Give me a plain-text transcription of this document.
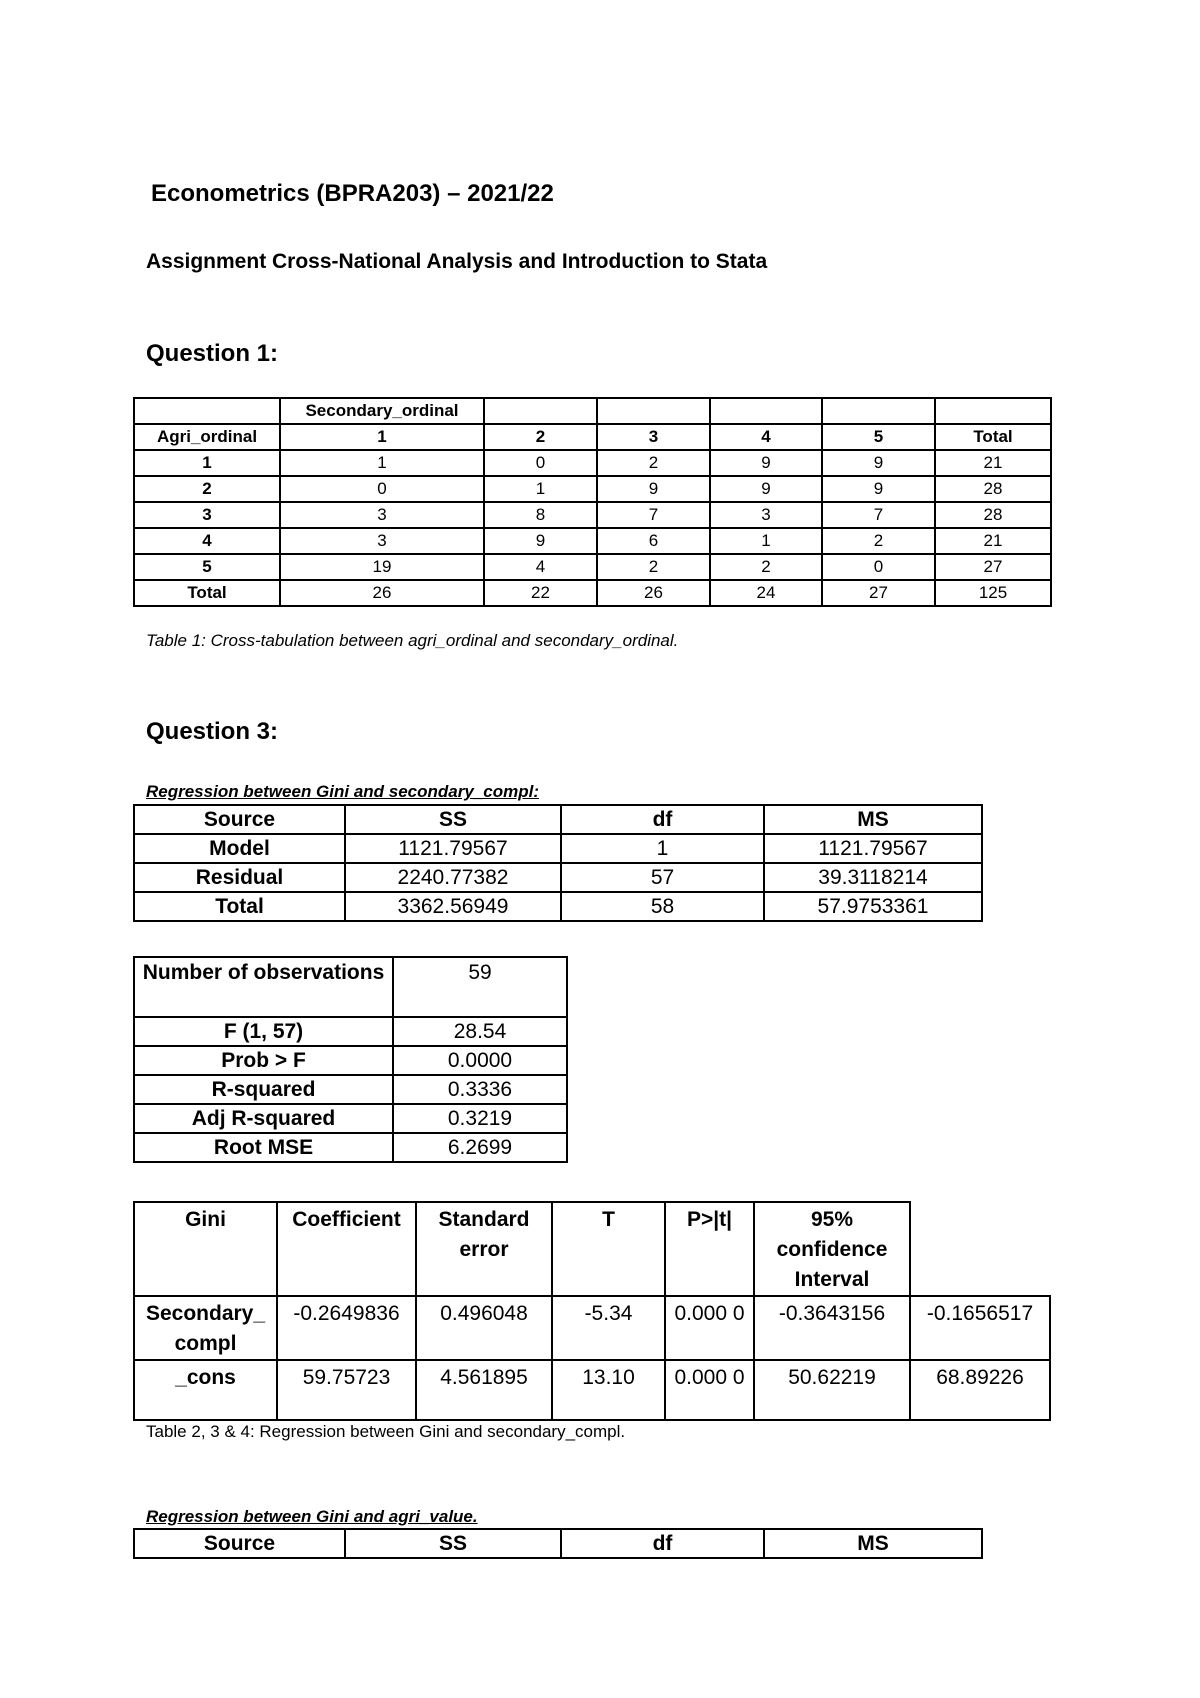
Econometrics (BPRA203) – 2021/22
Assignment Cross-National Analysis and Introduction to Stata
Question 1:
	Secondary_ordinal					
Agri_ordinal	1	2	3	4	5	Total
1	1	0	2	9	9	21
2	0	1	9	9	9	28
3	3	8	7	3	7	28
4	3	9	6	1	2	21
5	19	4	2	2	0	27
Total	26	22	26	24	27	125
Table 1: Cross-tabulation between agri_ordinal and secondary_ordinal.
Question 3:
Regression between Gini and secondary_compl:
Source	SS	df	MS
Model	1121.79567	1	1121.79567
Residual	2240.77382	57	39.3118214
Total	3362.56949	58	57.9753361
Number of observations	59
F (1, 57)	28.54
Prob > F	0.0000
R-squared	0.3336
Adj R-squared	0.3219
Root MSE	6.2699
Gini	Coefficient	Standard error	T	P>|t|	95% confidence Interval	
Secondary_ compl	-0.2649836	0.496048	-5.34	0.000 0	-0.3643156	-0.1656517
_cons	59.75723	4.561895	13.10	0.000 0	50.62219	68.89226
Table 2, 3 & 4: Regression between Gini and secondary_compl.
Regression between Gini and agri_value.
Source	SS	df	MS
